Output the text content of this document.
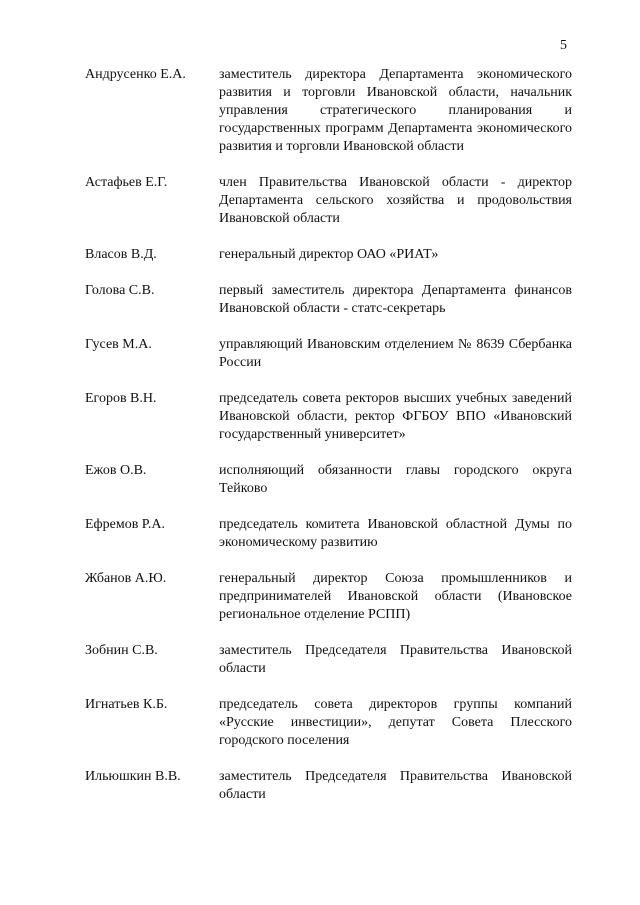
5
Андрусенко Е.А.	заместитель директора Департамента экономического развития и торговли Ивановской области, начальник управления стратегического планирования и государственных программ Департамента экономического развития и торговли Ивановской области
Астафьев Е.Г.	член Правительства Ивановской области - директор Департамента сельского хозяйства и продовольствия Ивановской области
Власов В.Д.	генеральный директор ОАО «РИАТ»
Голова С.В.	первый заместитель директора Департамента финансов Ивановской области - статс-секретарь
Гусев М.А.	управляющий Ивановским отделением № 8639 Сбербанка России
Егоров В.Н.	председатель совета ректоров высших учебных заведений Ивановской области, ректор ФГБОУ ВПО «Ивановский государственный университет»
Ежов О.В.	исполняющий обязанности главы городского округа Тейково
Ефремов Р.А.	председатель комитета Ивановской областной Думы по экономическому развитию
Жбанов А.Ю.	генеральный директор Союза промышленников и предпринимателей Ивановской области (Ивановское региональное отделение РСПП)
Зобнин С.В.	заместитель Председателя Правительства Ивановской области
Игнатьев К.Б.	председатель совета директоров группы компаний «Русские инвестиции», депутат Совета Плесского городского поселения
Ильюшкин В.В.	заместитель Председателя Правительства Ивановской области
